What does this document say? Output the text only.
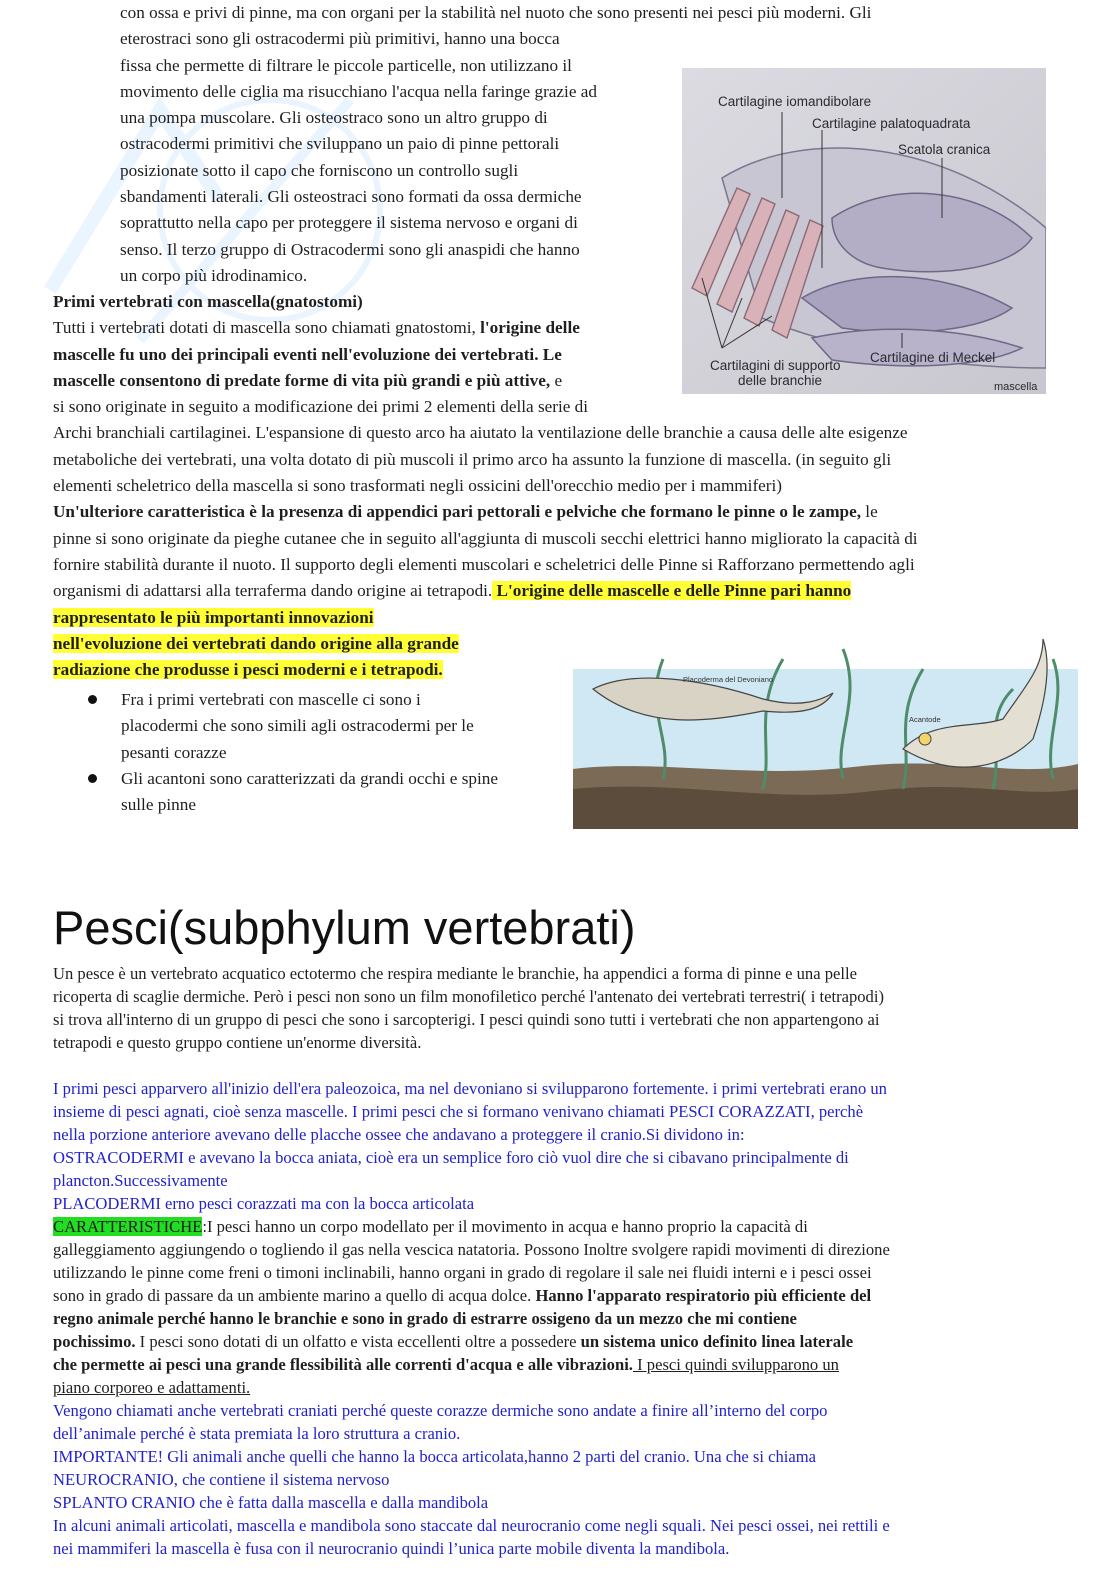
con ossa e privi di pinne, ma con organi per la stabilità nel nuoto che sono presenti nei pesci più moderni. Gli
eterostraci sono gli ostracodermi più primitivi, hanno una bocca
fissa che permette di filtrare le piccole particelle, non utilizzano il
movimento delle ciglia ma risucchiano l'acqua nella faringe grazie ad
una pompa muscolare. Gli osteostraco sono un altro gruppo di
ostracodermi primitivi che sviluppano un paio di pinne pettorali
posizionate sotto il capo che forniscono un controllo sugli
sbandamenti laterali. Gli osteostraci sono formati da ossa dermiche
soprattutto nella capo per proteggere il sistema nervoso e organi di
senso. Il terzo gruppo di Ostracodermi sono gli anaspidi che hanno
un corpo più idrodinamico.
Primi vertebrati con mascella(gnatostomi)
Tutti i vertebrati dotati di mascella sono chiamati gnatostomi, l'origine delle
mascelle fu uno dei principali eventi nell'evoluzione dei vertebrati. Le
mascelle consentono di predate forme di vita più grandi e più attive, e
si sono originate in seguito a modificazione dei primi 2 elementi della serie di
Archi branchiali cartilaginei. L'espansione di questo arco ha aiutato la ventilazione delle branchie a causa delle alte esigenze
metaboliche dei vertebrati, una volta dotato di più muscoli il primo arco ha assunto la funzione di mascella. (in seguito gli
elementi scheletrico della mascella si sono trasformati negli ossicini dell'orecchio medio per i mammiferi)
Un'ulteriore caratteristica è la presenza di appendici pari pettorali e pelviche che formano le pinne o le zampe, le
pinne si sono originate da pieghe cutanee che in seguito all'aggiunta di muscoli secchi elettrici hanno migliorato la capacità di
fornire stabilità durante il nuoto. Il supporto degli elementi muscolari e scheletrici delle Pinne si Rafforzano permettendo agli
organismi di adattarsi alla terraferma dando origine ai tetrapodi. L'origine delle mascelle e delle Pinne pari hanno
rappresentato le più importanti innovazioni
nell'evoluzione dei vertebrati dando origine alla grande
radiazione che produsse i pesci moderni e i tetrapodi.
Fra i primi vertebrati con mascelle ci sono i
placodermi che sono simili agli ostracodermi per le
pesanti corazze
Gli acantoni sono caratterizzati da grandi occhi e spine
sulle pinne
Cartilagine iomandibolare
Cartilagine palatoquadrata
Scatola cranica
Cartilagini di supporto
delle branchie
Cartilagine di Meckel
mascella
Placoderma del Devoniano
Acantode
Pesci(subphylum vertebrati)
Un pesce è un vertebrato acquatico ectotermo che respira mediante le branchie, ha appendici a forma di pinne e una pelle
ricoperta di scaglie dermiche. Però i pesci non sono un film monofiletico perché l'antenato dei vertebrati terrestri( i tetrapodi)
si trova all'interno di un gruppo di pesci che sono i sarcopterigi. I pesci quindi sono tutti i vertebrati che non appartengono ai
tetrapodi e questo gruppo contiene un'enorme diversità.
I primi pesci apparvero all'inizio dell'era paleozoica, ma nel devoniano si svilupparono fortemente. i primi vertebrati erano un
insieme di pesci agnati, cioè senza mascelle. I primi pesci che si formano venivano chiamati PESCI CORAZZATI, perchè
nella porzione anteriore avevano delle placche ossee che andavano a proteggere il cranio.Si dividono in:
OSTRACODERMI e avevano la bocca aniata, cioè era un semplice foro ciò vuol dire che si cibavano principalmente di
plancton.Successivamente
PLACODERMI erno pesci corazzati ma con la bocca articolata
CARATTERISTICHE:I pesci hanno un corpo modellato per il movimento in acqua e hanno proprio la capacità di
galleggiamento aggiungendo o togliendo il gas nella vescica natatoria. Possono Inoltre svolgere rapidi movimenti di direzione
utilizzando le pinne come freni o timoni inclinabili, hanno organi in grado di regolare il sale nei fluidi interni e i pesci ossei
sono in grado di passare da un ambiente marino a quello di acqua dolce. Hanno l'apparato respiratorio più efficiente del
regno animale perché hanno le branchie e sono in grado di estrarre ossigeno da un mezzo che mi contiene
pochissimo. I pesci sono dotati di un olfatto e vista eccellenti oltre a possedere un sistema unico definito linea laterale
che permette ai pesci una grande flessibilità alle correnti d'acqua e alle vibrazioni. I pesci quindi svilupparono un
piano corporeo e adattamenti.
Vengono chiamati anche vertebrati craniati perché queste corazze dermiche sono andate a finire all’interno del corpo
dell’animale perché è stata premiata la loro struttura a cranio.
IMPORTANTE! Gli animali anche quelli che hanno la bocca articolata,hanno 2 parti del cranio. Una che si chiama
NEUROCRANIO, che contiene il sistema nervoso
SPLANTO CRANIO che è fatta dalla mascella e dalla mandibola
In alcuni animali articolati, mascella e mandibola sono staccate dal neurocranio come negli squali. Nei pesci ossei, nei rettili e
nei mammiferi la mascella è fusa con il neurocranio quindi l’unica parte mobile diventa la mandibola.
